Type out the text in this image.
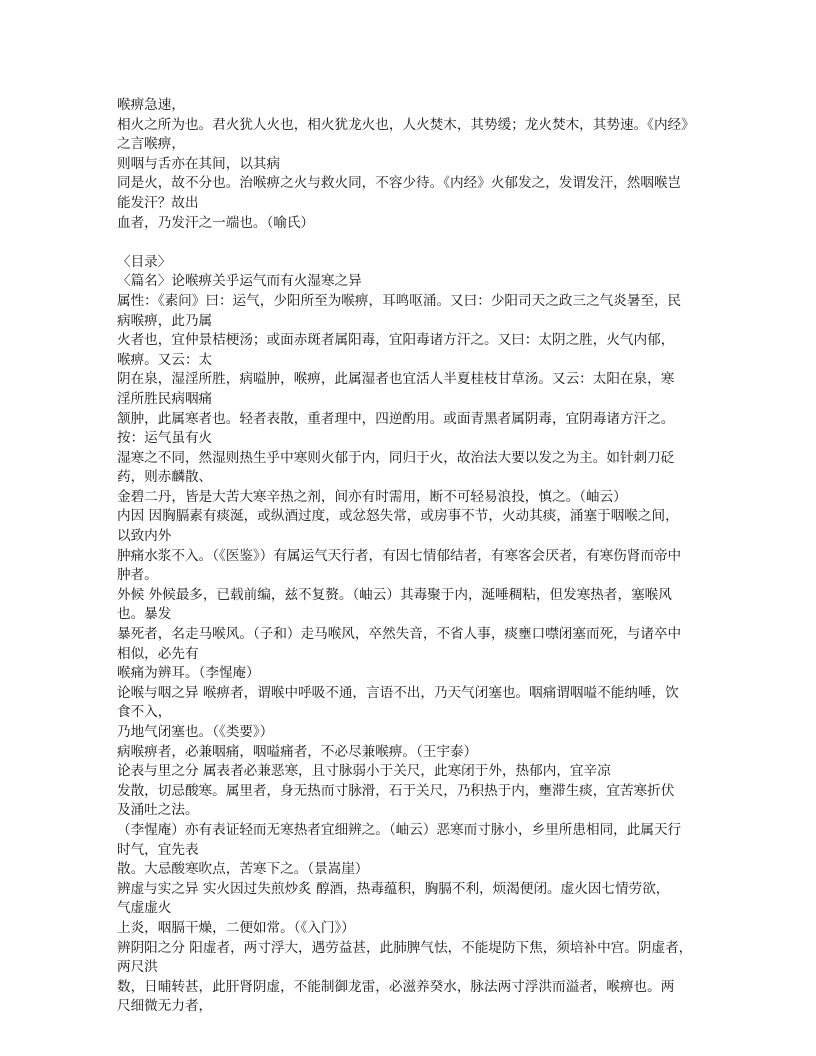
喉痹急速，
相火之所为也。君火犹人火也，相火犹龙火也，人火焚木，其势缓；龙火焚木，其势速。《内经》
之言喉痹，
则咽与舌亦在其间，以其病
同是火，故不分也。治喉痹之火与救火同，不容少待。《内经》火郁发之，发谓发汗，然咽喉岂
能发汗？故出
血者，乃发汗之一端也。（喻氏）
〈目录〉
〈篇名〉论喉痹关乎运气而有火湿寒之异
属性：《素问》曰：运气，少阳所至为喉痹，耳鸣呕涌。又曰：少阳司天之政三之气炎暑至，民
病喉痹，此乃属
火者也，宜仲景桔梗汤；或面赤斑者属阳毒，宜阳毒诸方汗之。又曰：太阴之胜，火气内郁，
喉痹。又云：太
阴在泉，湿淫所胜，病嗌肿，喉痹，此属湿者也宜活人半夏桂枝甘草汤。又云：太阳在泉，寒
淫所胜民病咽痛
颔肿，此属寒者也。轻者表散，重者理中，四逆酌用。或面青黑者属阴毒，宜阴毒诸方汗之。
按：运气虽有火
湿寒之不同，然湿则热生乎中寒则火郁于内，同归于火，故治法大要以发之为主。如针刺刀砭
药，则赤麟散、
金碧二丹，皆是大苦大寒辛热之剂，间亦有时需用，断不可轻易浪投，慎之。（岫云）
内因 因胸膈素有痰涎，或纵酒过度，或忿怒失常，或房事不节，火动其痰，涌塞于咽喉之间，
以致内外
肿痛水浆不入。（《医鉴》）有属运气天行者，有因七情郁结者，有寒客会厌者，有寒伤肾而帝中
肿者。
外候 外候最多，已载前编，兹不复赘。（岫云）其毒聚于内，涎唾稠粘，但发寒热者，塞喉风
也。暴发
暴死者，名走马喉风。（子和）走马喉风，卒然失音，不省人事，痰壅口噤闭塞而死，与诸卒中
相似，必先有
喉痛为辨耳。（李惺庵）
论喉与咽之异 喉痹者，谓喉中呼吸不通，言语不出，乃天气闭塞也。咽痛谓咽嗌不能纳唾，饮
食不入，
乃地气闭塞也。（《类要》）
病喉痹者，必兼咽痛，咽嗌痛者，不必尽兼喉痹。（王宇泰）
论表与里之分 属表者必兼恶寒，且寸脉弱小于关尺，此寒闭于外，热郁内，宜辛凉
发散，切忌酸寒。属里者，身无热而寸脉滑，石于关尺，乃积热于内，壅滞生痰，宜苦寒折伏
及涌吐之法。
（李惺庵）亦有表证轻而无寒热者宜细辨之。（岫云）恶寒而寸脉小，乡里所患相同，此属天行
时气，宜先表
散。大忌酸寒吹点，苦寒下之。（景嵩崖）
辨虚与实之异 实火因过失煎炒炙 醇酒，热毒蕴积，胸膈不利，烦渴便闭。虚火因七情劳欲，
气虚虚火
上炎，咽膈干燥，二便如常。（《入门》）
辨阴阳之分 阳虚者，两寸浮大，遇劳益甚，此肺脾气怯，不能堤防下焦，须培补中宫。阴虚者，
两尺洪
数，日晡转甚，此肝肾阴虚，不能制御龙雷，必滋养癸水，脉法两寸浮洪而溢者，喉痹也。两
尺细微无力者，
